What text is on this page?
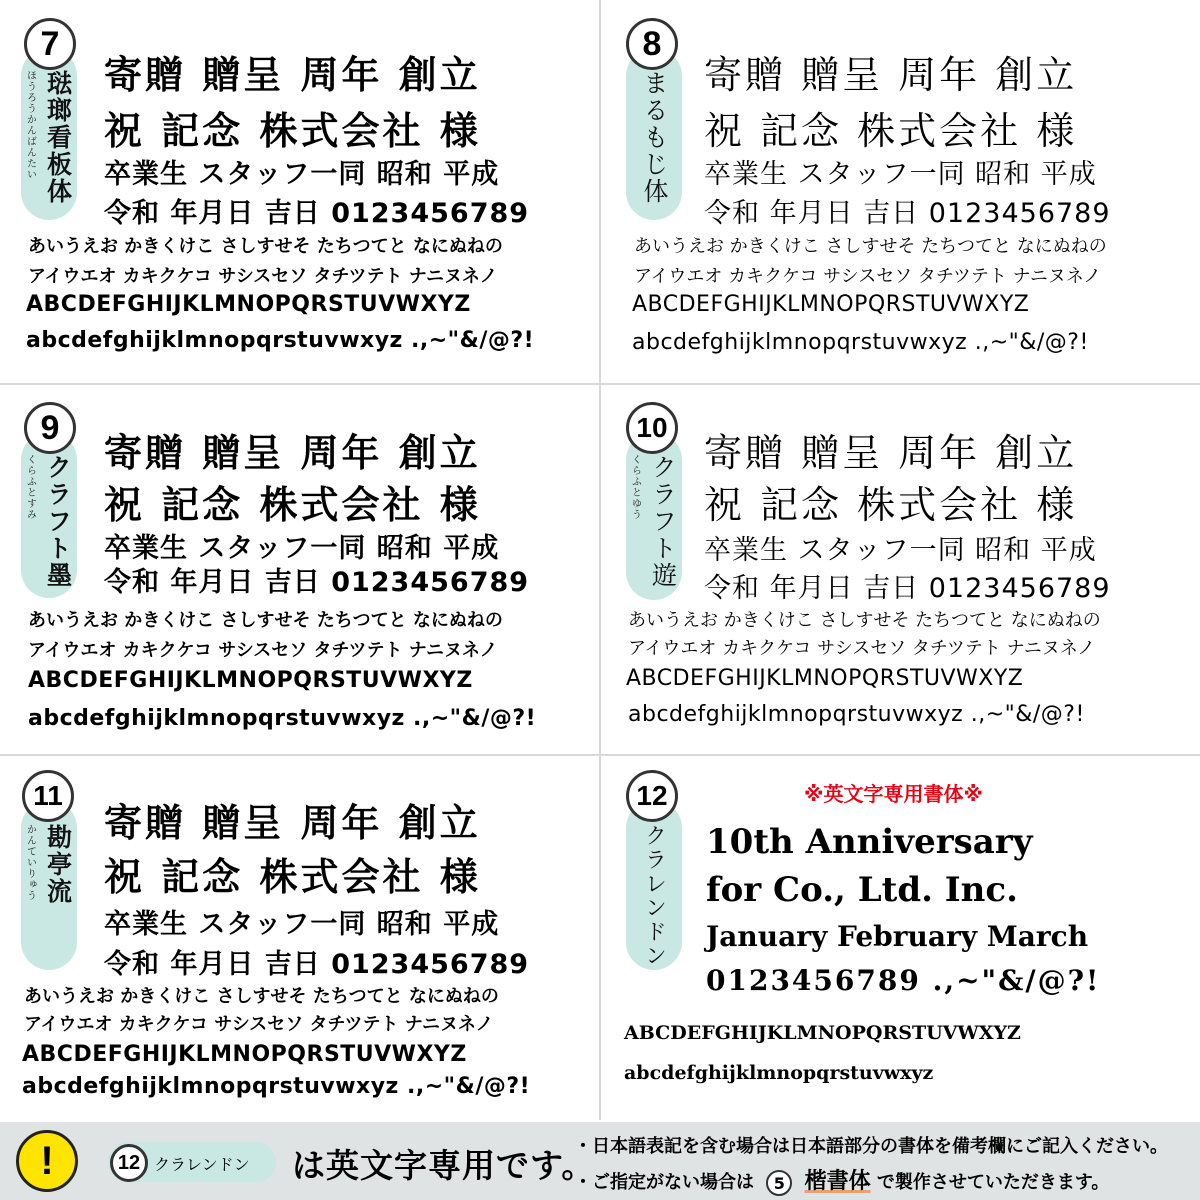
7
琺瑯看板体
ほうろうかんばんたい 寄贈 贈呈 周年 創立
祝 記念 株式会社 様
卒業生 スタッフ一同 昭和 平成
令和 年月日 吉日 0123456789
あいうえお かきくけこ さしすせそ たちつてと なにぬねの
アイウエオ カキクケコ サシスセソ タチツテト ナニヌネノ
ABCDEFGHIJKLMNOPQRSTUVWXYZ
abcdefghijklmnopqrstuvwxyz .,~"&/@?!
8
まるもじ体 寄贈 贈呈 周年 創立
祝 記念 株式会社 様
卒業生 スタッフ一同 昭和 平成
令和 年月日 吉日 0123456789
あいうえお かきくけこ さしすせそ たちつてと なにぬねの
アイウエオ カキクケコ サシスセソ タチツテト ナニヌネノ
ABCDEFGHIJKLMNOPQRSTUVWXYZ
abcdefghijklmnopqrstuvwxyz .,~"&/@?!
9
クラフト墨
くらふとすみ
寄贈 贈呈 周年 創立
祝 記念 株式会社 様
卒業生 スタッフ一同 昭和 平成
令和 年月日 吉日 0123456789
あいうえお かきくけこ さしすせそ たちつてと なにぬねの
アイウエオ カキクケコ サシスセソ タチツテト ナニヌネノ
ABCDEFGHIJKLMNOPQRSTUVWXYZ
abcdefghijklmnopqrstuvwxyz .,~"&/@?!
10
クラフト遊
くらふとゆう
寄贈 贈呈 周年 創立
祝 記念 株式会社 様
卒業生 スタッフ一同 昭和 平成
令和 年月日 吉日 0123456789
あいうえお かきくけこ さしすせそ たちつてと なにぬねの
アイウエオ カキクケコ サシスセソ タチツテト ナニヌネノ
ABCDEFGHIJKLMNOPQRSTUVWXYZ
abcdefghijklmnopqrstuvwxyz .,~"&/@?!
11
勘亭流
かんていりゅう
寄贈 贈呈 周年 創立
祝 記念 株式会社 様
卒業生 スタッフ一同 昭和 平成
令和 年月日 吉日 0123456789
あいうえお かきくけこ さしすせそ たちつてと なにぬねの
アイウエオ カキクケコ サシスセソ タチツテト ナニヌネノ
ABCDEFGHIJKLMNOPQRSTUVWXYZ
abcdefghijklmnopqrstuvwxyz .,~"&/@?!
※英文字専用書体※
12
クラレンドン 10th Anniversary
for Co., Ltd. Inc.
January February March
0123456789 .,~"&/@?!
ABCDEFGHIJKLMNOPQRSTUVWXYZ
abcdefghijklmnopqrstuvwxyz
!	12 クラレンドン は英文字専用です。
・日本語表記を含む場合は日本語部分の書体を備考欄にご記入ください。
・ご指定がない場合は 5 楷書体 で製作させていただきます。
